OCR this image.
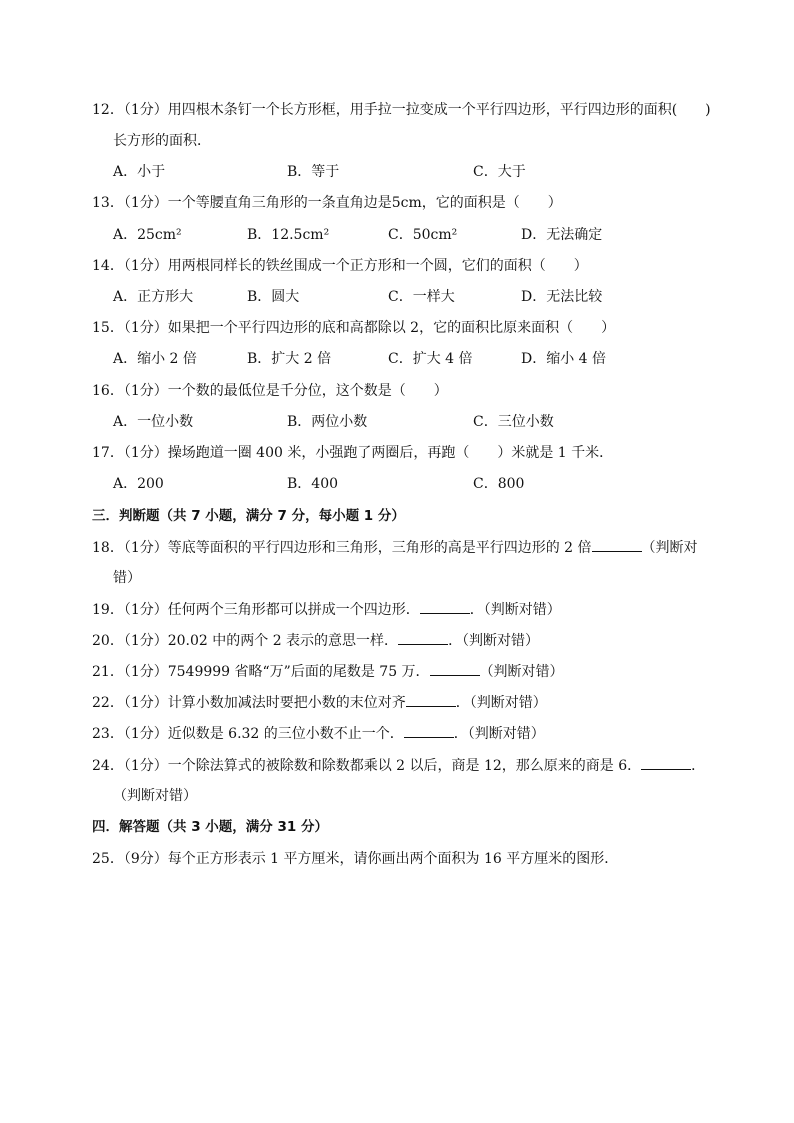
12．（1分）用四根木条钉一个长方形框，用手拉一拉变成一个平行四边形，平行四边形的面积(　　)
长方形的面积．
A．小于	B．等于	C．大于
13．（1分）一个等腰直角三角形的一条直角边是5cm，它的面积是（　　）
A．25cm²	B．12.5cm²	C．50cm²	D．无法确定
14．（1分）用两根同样长的铁丝围成一个正方形和一个圆，它们的面积（　　）
A．正方形大	B．圆大	C．一样大	D．无法比较
15．（1分）如果把一个平行四边形的底和高都除以 2，它的面积比原来面积（　　）
A．缩小 2 倍	B．扩大 2 倍	C．扩大 4 倍	D．缩小 4 倍
16．（1分）一个数的最低位是千分位，这个数是（　　）
A．一位小数	B．两位小数	C．三位小数
17．（1分）操场跑道一圈 400 米，小强跑了两圈后，再跑（　　）米就是 1 千米．
A．200	B．400	C．800
三．判断题（共 7 小题，满分 7 分，每小题 1 分）
18．（1分）等底等面积的平行四边形和三角形，三角形的高是平行四边形的 2 倍	（判断对
错）
19．（1分）任何两个三角形都可以拼成一个四边形．	．（判断对错）
20．（1分）20.02 中的两个 2 表示的意思一样．	．（判断对错）
21．（1分）7549999 省略“万”后面的尾数是 75 万．	（判断对错）
22．（1分）计算小数加减法时要把小数的末位对齐	．（判断对错）
23．（1分）近似数是 6.32 的三位小数不止一个．	．（判断对错）
24．（1分）一个除法算式的被除数和除数都乘以 2 以后，商是 12，那么原来的商是 6．	．
（判断对错）
四．解答题（共 3 小题，满分 31 分）
25．（9分）每个正方形表示 1 平方厘米，请你画出两个面积为 16 平方厘米的图形．
